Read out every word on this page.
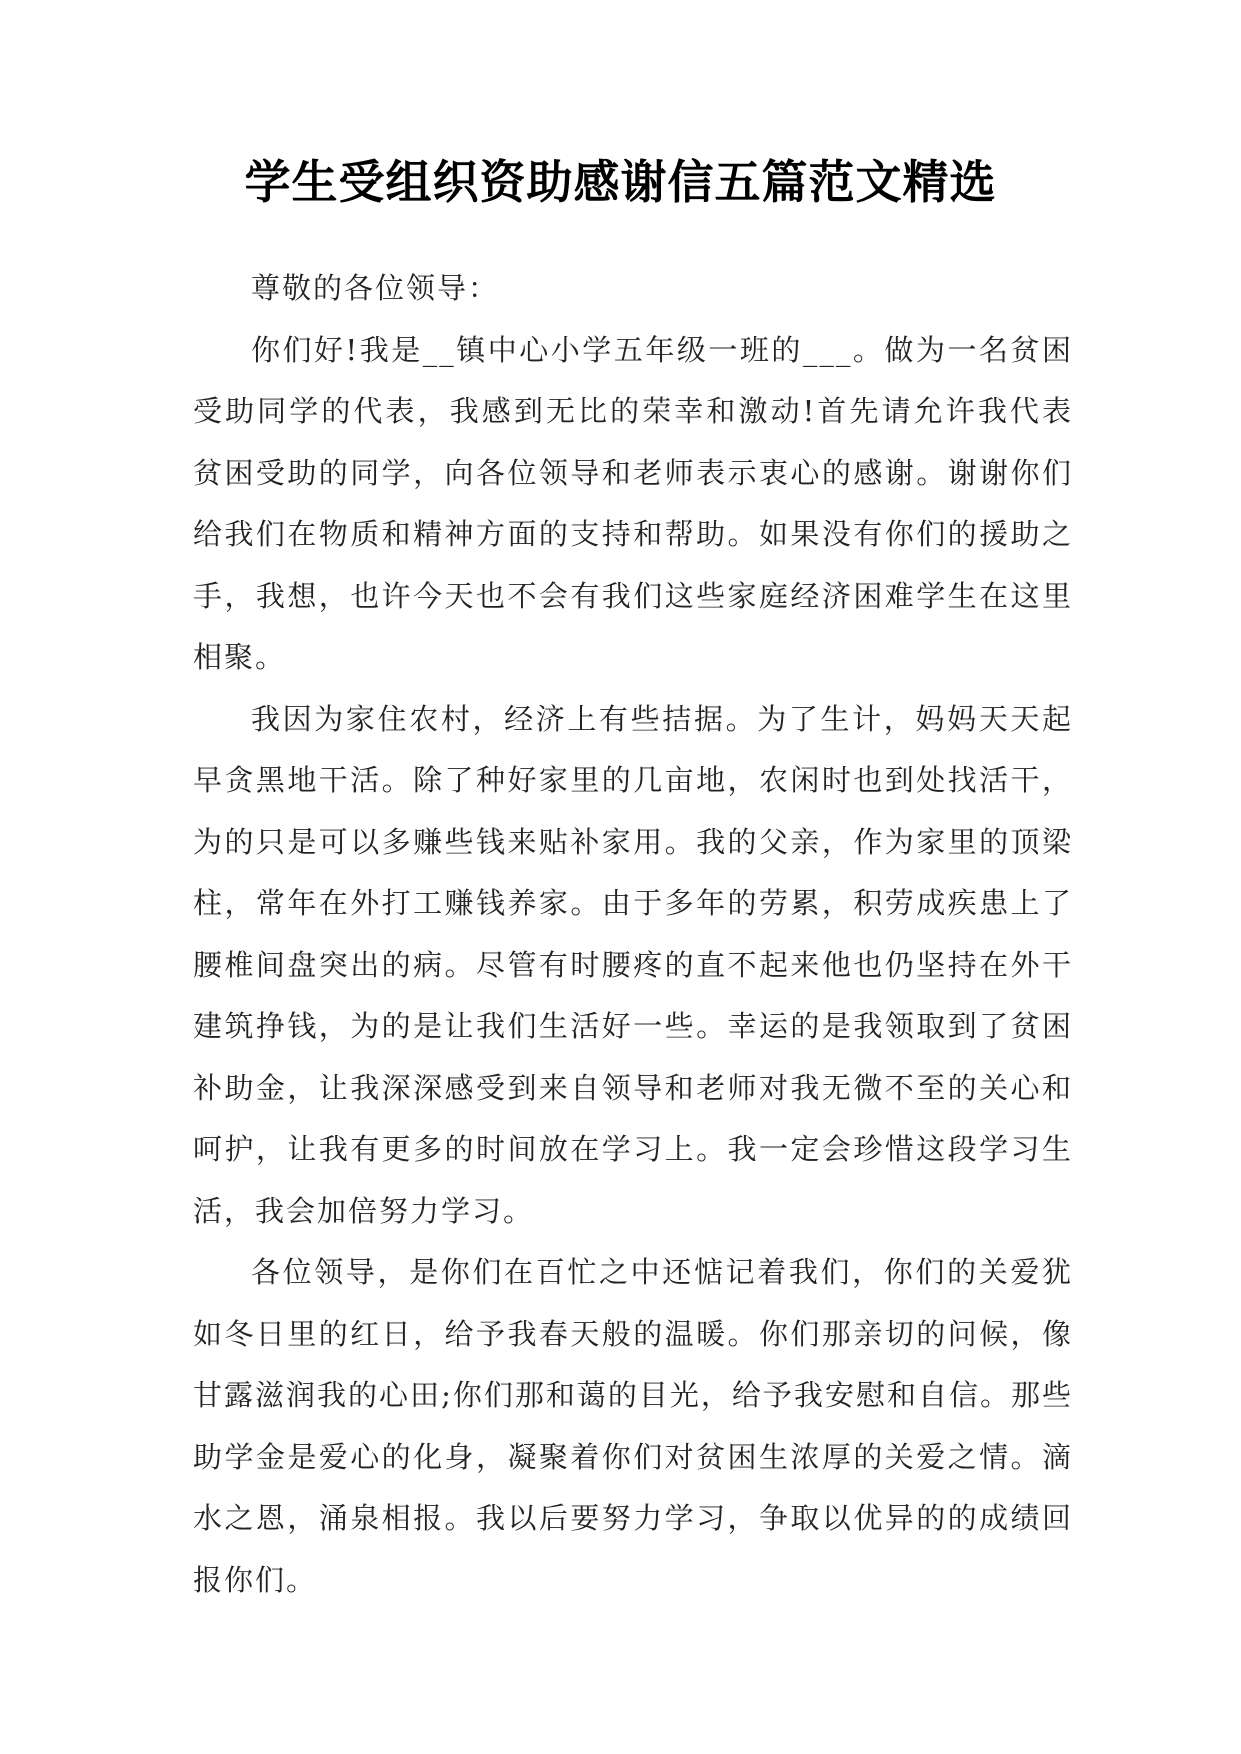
学生受组织资助感谢信五篇范文精选

尊敬的各位领导：

你们好!我是__镇中心小学五年级一班的___。做为一名贫困受助同学的代表，我感到无比的荣幸和激动!首先请允许我代表贫困受助的同学，向各位领导和老师表示衷心的感谢。谢谢你们给我们在物质和精神方面的支持和帮助。如果没有你们的援助之手，我想，也许今天也不会有我们这些家庭经济困难学生在这里相聚。

我因为家住农村，经济上有些拮据。为了生计，妈妈天天起早贪黑地干活。除了种好家里的几亩地，农闲时也到处找活干，为的只是可以多赚些钱来贴补家用。我的父亲，作为家里的顶梁柱，常年在外打工赚钱养家。由于多年的劳累，积劳成疾患上了腰椎间盘突出的病。尽管有时腰疼的直不起来他也仍坚持在外干建筑挣钱，为的是让我们生活好一些。幸运的是我领取到了贫困补助金，让我深深感受到来自领导和老师对我无微不至的关心和呵护，让我有更多的时间放在学习上。我一定会珍惜这段学习生活，我会加倍努力学习。

各位领导，是你们在百忙之中还惦记着我们，你们的关爱犹如冬日里的红日，给予我春天般的温暖。你们那亲切的问候，像甘露滋润我的心田;你们那和蔼的目光，给予我安慰和自信。那些助学金是爱心的化身，凝聚着你们对贫困生浓厚的关爱之情。滴水之恩，涌泉相报。我以后要努力学习，争取以优异的的成绩回报你们。
